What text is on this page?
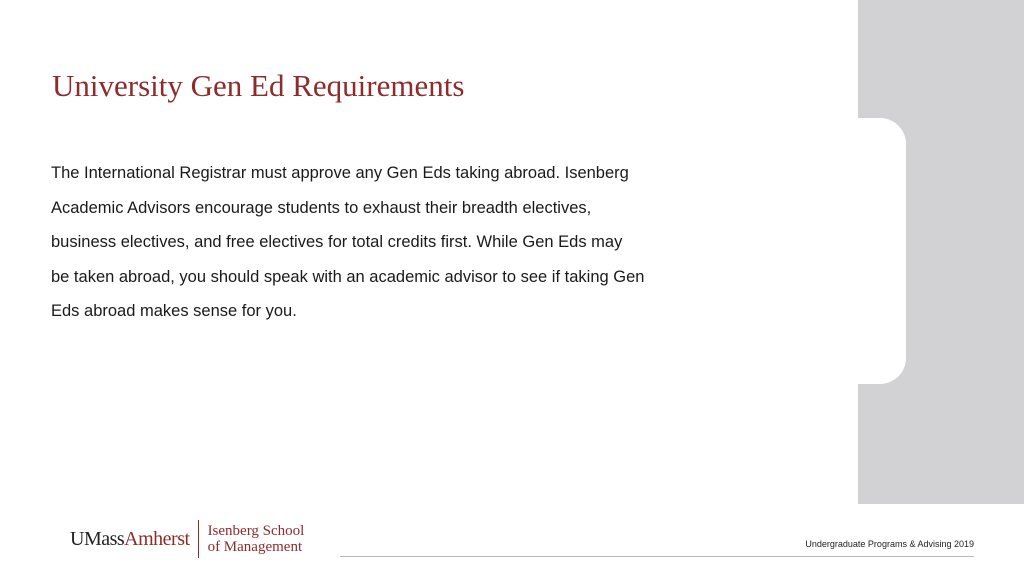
University Gen Ed Requirements

The International Registrar must approve any Gen Eds taking abroad. Isenberg
Academic Advisors encourage students to exhaust their breadth electives,
business electives, and free electives for total credits first. While Gen Eds may
be taken abroad, you should speak with an academic advisor to see if taking Gen
Eds abroad makes sense for you.

UMassAmherst Isenberg School
of Management	Undergraduate Programs & Advising 2019
